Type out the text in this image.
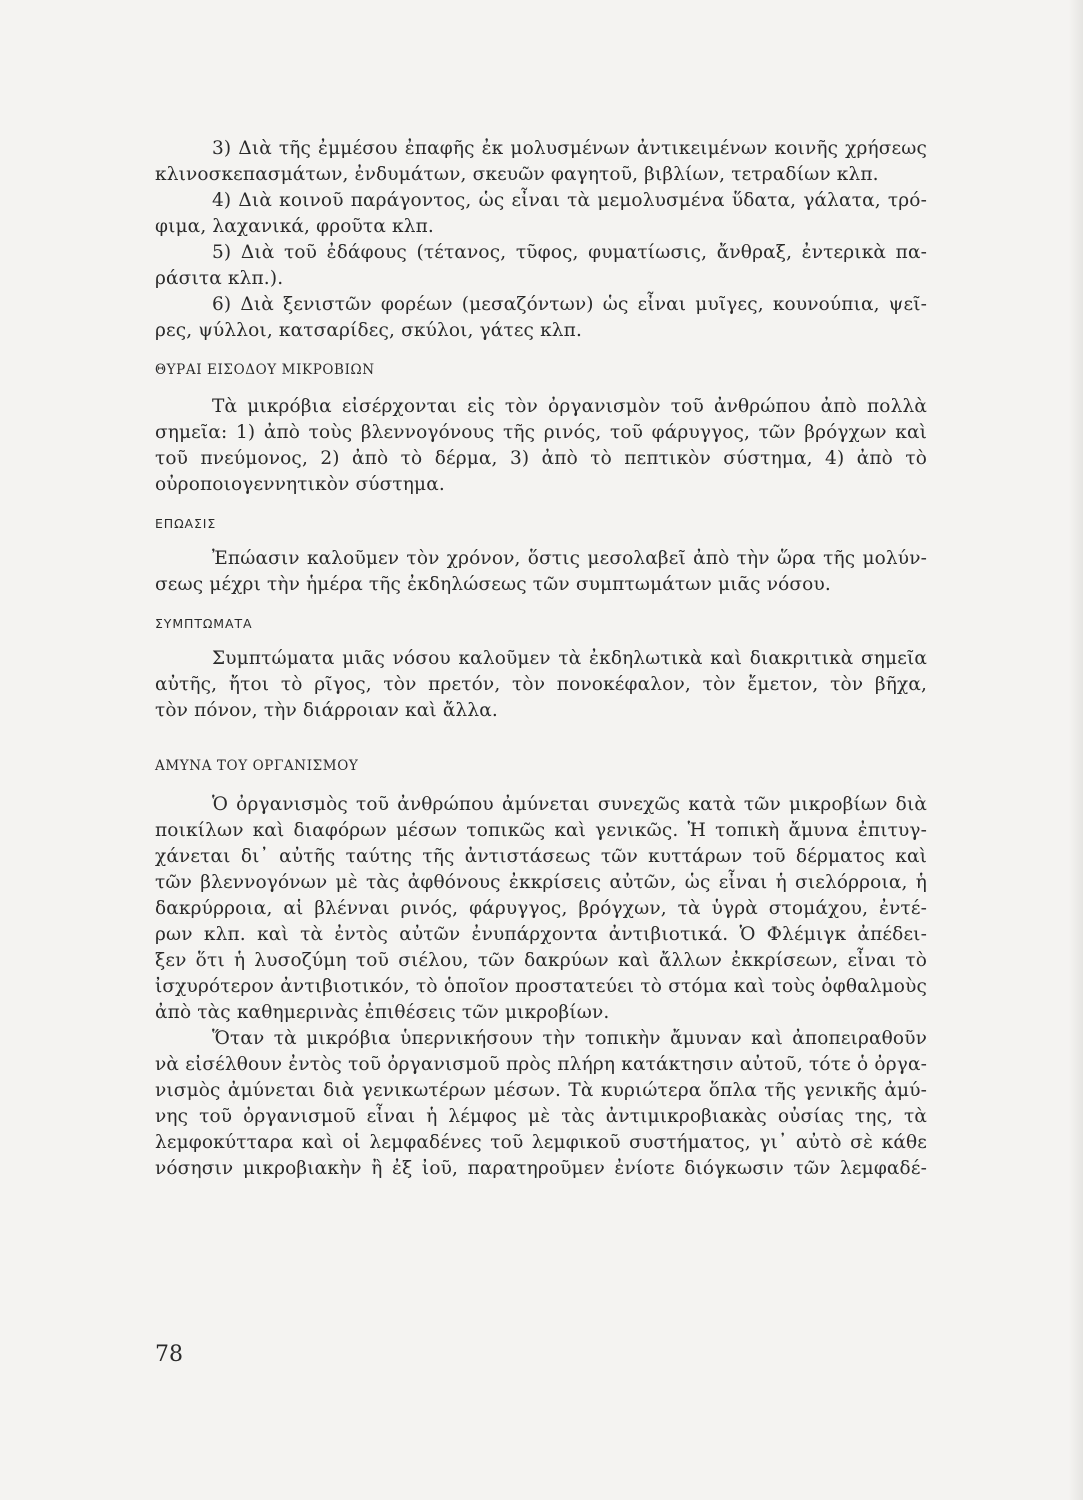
3) Διὰ τῆς ἐμμέσου ἐπαφῆς ἐκ μολυσμένων ἀντικειμένων κοινῆς χρήσεως
κλινοσκεπασμάτων, ἐνδυμάτων, σκευῶν φαγητοῦ, βιβλίων, τετραδίων κλπ.
4) Διὰ κοινοῦ παράγοντος, ὡς εἶναι τὰ μεμολυσμένα ὕδατα, γάλατα, τρό-
φιμα, λαχανικά, φροῦτα κλπ.
5) Διὰ τοῦ ἐδάφους (τέτανος, τῦφος, φυματίωσις, ἄνθραξ, ἐντερικὰ πα-
ράσιτα κλπ.).
6) Διὰ ξενιστῶν φορέων (μεσαζόντων) ὡς εἶναι μυῖγες, κουνούπια, ψεῖ-
ρες, ψύλλοι, κατσαρίδες, σκύλοι, γάτες κλπ.
ΘΥΡΑΙ ΕΙΣΟΔΟΥ ΜΙΚΡΟΒΙΩΝ
Τὰ μικρόβια εἰσέρχονται εἰς τὸν ὀργανισμὸν τοῦ ἀνθρώπου ἀπὸ πολλὰ
σημεῖα: 1) ἀπὸ τοὺς βλεννογόνους τῆς ρινός, τοῦ φάρυγγος, τῶν βρόγχων καὶ
τοῦ πνεύμονος, 2) ἀπὸ τὸ δέρμα, 3) ἀπὸ τὸ πεπτικὸν σύστημα, 4) ἀπὸ τὸ
οὐροποιογεννητικὸν σύστημα.
ΕΠΩΑΣΙΣ
Ἐπώασιν καλοῦμεν τὸν χρόνον, ὅστις μεσολαβεῖ ἀπὸ τὴν ὥρα τῆς μολύν-
σεως μέχρι τὴν ἡμέρα τῆς ἐκδηλώσεως τῶν συμπτωμάτων μιᾶς νόσου.
ΣΥΜΠΤΩΜΑΤΑ
Συμπτώματα μιᾶς νόσου καλοῦμεν τὰ ἐκδηλωτικὰ καὶ διακριτικὰ σημεῖα
αὐτῆς, ἤτοι τὸ ρῖγος, τὸν πρετόν, τὸν πονοκέφαλον, τὸν ἔμετον, τὸν βῆχα,
τὸν πόνον, τὴν διάρροιαν καὶ ἄλλα.
ΑΜΥΝΑ ΤΟΥ ΟΡΓΑΝΙΣΜΟΥ
Ὁ ὀργανισμὸς τοῦ ἀνθρώπου ἀμύνεται συνεχῶς κατὰ τῶν μικροβίων διὰ
ποικίλων καὶ διαφόρων μέσων τοπικῶς καὶ γενικῶς. Ἡ τοπικὴ ἄμυνα ἐπιτυγ-
χάνεται δι᾽ αὐτῆς ταύτης τῆς ἀντιστάσεως τῶν κυττάρων τοῦ δέρματος καὶ
τῶν βλεννογόνων μὲ τὰς ἀφθόνους ἐκκρίσεις αὐτῶν, ὡς εἶναι ἡ σιελόρροια, ἡ
δακρύρροια, αἱ βλένναι ρινός, φάρυγγος, βρόγχων, τὰ ὑγρὰ στομάχου, ἐντέ-
ρων κλπ. καὶ τὰ ἐντὸς αὐτῶν ἐνυπάρχοντα ἀντιβιοτικά. Ὁ Φλέμιγκ ἀπέδει-
ξεν ὅτι ἡ λυσοζύμη τοῦ σιέλου, τῶν δακρύων καὶ ἄλλων ἐκκρίσεων, εἶναι τὸ
ἰσχυρότερον ἀντιβιοτικόν, τὸ ὁποῖον προστατεύει τὸ στόμα καὶ τοὺς ὀφθαλμοὺς
ἀπὸ τὰς καθημερινὰς ἐπιθέσεις τῶν μικροβίων.
Ὅταν τὰ μικρόβια ὑπερνικήσουν τὴν τοπικὴν ἄμυναν καὶ ἀποπειραθοῦν
νὰ εἰσέλθουν ἐντὸς τοῦ ὀργανισμοῦ πρὸς πλήρη κατάκτησιν αὐτοῦ, τότε ὁ ὀργα-
νισμὸς ἀμύνεται διὰ γενικωτέρων μέσων. Τὰ κυριώτερα ὅπλα τῆς γενικῆς ἀμύ-
νης τοῦ ὀργανισμοῦ εἶναι ἡ λέμφος μὲ τὰς ἀντιμικροβιακὰς οὐσίας της, τὰ
λεμφοκύτταρα καὶ οἱ λεμφαδένες τοῦ λεμφικοῦ συστήματος, γι᾽ αὐτὸ σὲ κάθε
νόσησιν μικροβιακὴν ἢ ἐξ ἰοῦ, παρατηροῦμεν ἐνίοτε διόγκωσιν τῶν λεμφαδέ-
78
